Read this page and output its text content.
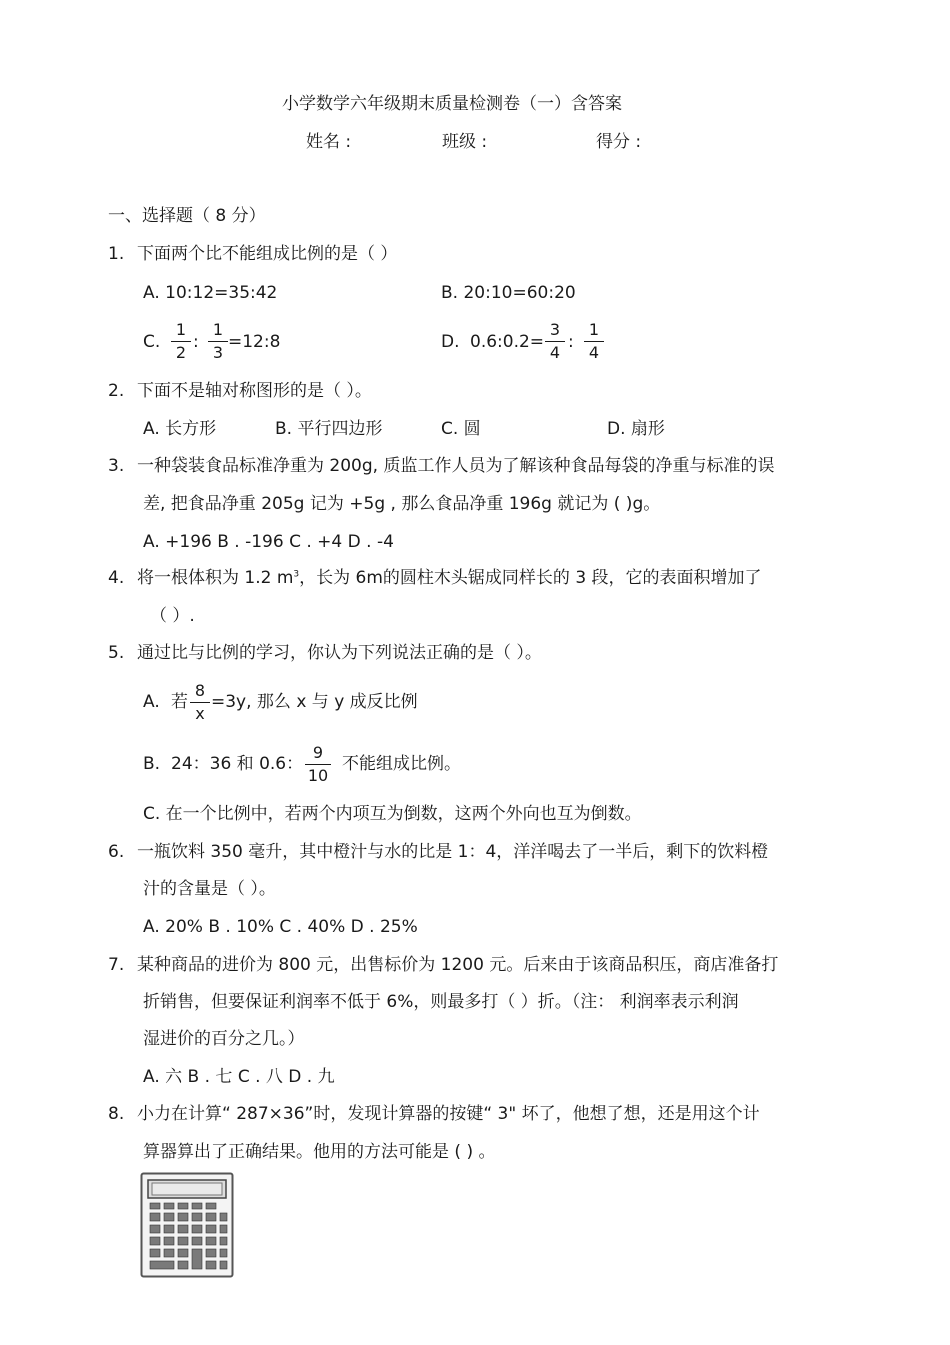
小学数学六年级期末质量检测卷（一）含答案
姓名 :	班级 :	得分 :
一、选择题（ 8 分）
1. 下面两个比不能组成比例的是（ ）
A. 10:12=35:42	B. 20:10=60:20
C.
1
2
:
1
3
=12:8	D. 0.6:0.2=
3
4
:
1
4
2. 下面不是轴对称图形的是（ ）。
A. 长方形	B. 平行四边形	C. 圆	D. 扇形
3. 一种袋装食品标准净重为 200g, 质监工作人员为了解该种食品每袋的净重与标准的误
差, 把食品净重 205g 记为 +5g , 那么食品净重 196g 就记为 ( )g。
A. +196 B . -196 C . +4 D . -4
4. 将一根体积为 1.2 $m^3$，长为 6m的圆柱木头锯成同样长的 3 段，它的表面积增加了
（ ）.
5. 通过比与比例的学习，你认为下列说法正确的是（ ）。
A. 若
8
x
=3y, 那么 x 与 y 成反比例
B. 24：36 和 0.6：
9
10
不能组成比例。
C. 在一个比例中，若两个内项互为倒数，这两个外向也互为倒数。
6. 一瓶饮料 350 毫升，其中橙汁与水的比是 1：4，洋洋喝去了一半后，剩下的饮料橙
汁的含量是（ ）。
A. 20% B . 10% C . 40% D . 25%
7. 某种商品的进价为 800 元，出售标价为 1200 元。后来由于该商品积压，商店准备打
折销售，但要保证利润率不低于 6%，则最多打（ ）折。（注： 利润率表示利润
湿进价的百分之几。）
A. 六 B . 七 C . 八 D . 九
8. 小力在计算“ 287×36”时，发现计算器的按键“ 3" 坏了，他想了想，还是用这个计
算器算出了正确结果。他用的方法可能是 ( ) 。
